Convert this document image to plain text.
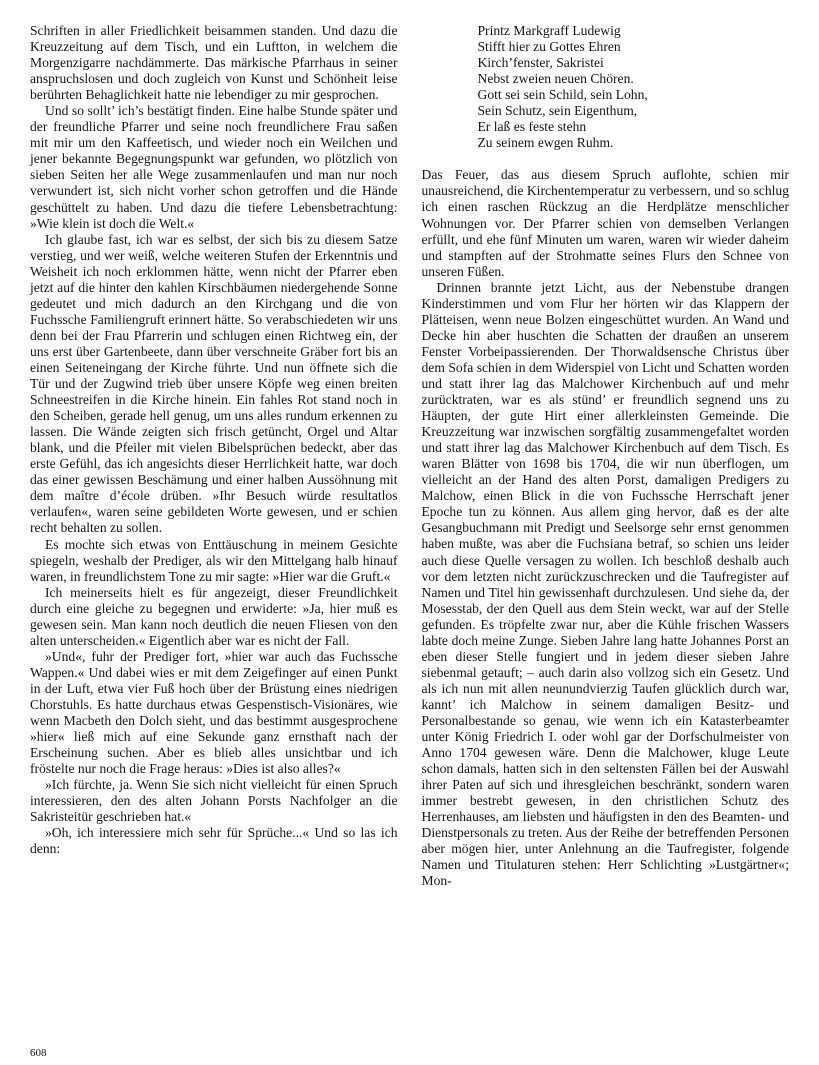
Schriften in aller Friedlichkeit beisammen standen. Und dazu die Kreuzzeitung auf dem Tisch, und ein Luftton, in welchem die Morgenzigarre nachdämmerte. Das märkische Pfarrhaus in seiner anspruchslosen und doch zugleich von Kunst und Schönheit leise berührten Behaglichkeit hatte nie lebendiger zu mir gesprochen.

Und so sollt’ ich’s bestätigt finden. Eine halbe Stunde später und der freundliche Pfarrer und seine noch freundlichere Frau saßen mit mir um den Kaffeetisch, und wieder noch ein Weilchen und jener bekannte Begegnungspunkt war gefunden, wo plötzlich von sieben Seiten her alle Wege zusammenlaufen und man nur noch verwundert ist, sich nicht vorher schon getroffen und die Hände geschüttelt zu haben. Und dazu die tiefere Lebensbetrachtung: »Wie klein ist doch die Welt.«

Ich glaube fast, ich war es selbst, der sich bis zu diesem Satze verstieg, und wer weiß, welche weiteren Stufen der Erkenntnis und Weisheit ich noch erklommen hätte, wenn nicht der Pfarrer eben jetzt auf die hinter den kahlen Kirschbäumen niedergehende Sonne gedeutet und mich dadurch an den Kirchgang und die von Fuchssche Familiengruft erinnert hätte. So verabschiedeten wir uns denn bei der Frau Pfarrerin und schlugen einen Richtweg ein, der uns erst über Gartenbeete, dann über verschneite Gräber fort bis an einen Seiteneingang der Kirche führte. Und nun öffnete sich die Tür und der Zugwind trieb über unsere Köpfe weg einen breiten Schneestreifen in die Kirche hinein. Ein fahles Rot stand noch in den Scheiben, gerade hell genug, um uns alles rundum erkennen zu lassen. Die Wände zeigten sich frisch getüncht, Orgel und Altar blank, und die Pfeiler mit vielen Bibelsprüchen bedeckt, aber das erste Gefühl, das ich angesichts dieser Herrlichkeit hatte, war doch das einer gewissen Beschämung und einer halben Aussöhnung mit dem maître d’école drüben. »Ihr Besuch würde resultatlos verlaufen«, waren seine gebildeten Worte gewesen, und er schien recht behalten zu sollen.

Es mochte sich etwas von Enttäuschung in meinem Gesichte spiegeln, weshalb der Prediger, als wir den Mittelgang halb hinauf waren, in freundlichstem Tone zu mir sagte: »Hier war die Gruft.«

Ich meinerseits hielt es für angezeigt, dieser Freundlichkeit durch eine gleiche zu begegnen und erwiderte: »Ja, hier muß es gewesen sein. Man kann noch deutlich die neuen Fliesen von den alten unterscheiden.« Eigentlich aber war es nicht der Fall.

»Und«, fuhr der Prediger fort, »hier war auch das Fuchssche Wappen.« Und dabei wies er mit dem Zeigefinger auf einen Punkt in der Luft, etwa vier Fuß hoch über der Brüstung eines niedrigen Chorstuhls. Es hatte durchaus etwas Gespenstisch-Visionäres, wie wenn Macbeth den Dolch sieht, und das bestimmt ausgesprochene »hier« ließ mich auf eine Sekunde ganz ernsthaft nach der Erscheinung suchen. Aber es blieb alles unsichtbar und ich fröstelte nur noch die Frage heraus: »Dies ist also alles?«

»Ich fürchte, ja. Wenn Sie sich nicht vielleicht für einen Spruch interessieren, den des alten Johann Porsts Nachfolger an die Sakristeitür geschrieben hat.«

»Oh, ich interessiere mich sehr für Sprüche...« Und so las ich denn:

Printz Markgraff Ludewig
Stifft hier zu Gottes Ehren
Kirch’fenster, Sakristei
Nebst zweien neuen Chören.
Gott sei sein Schild, sein Lohn,
Sein Schutz, sein Eigenthum,
Er laß es feste stehn
Zu seinem ewgen Ruhm.

Das Feuer, das aus diesem Spruch auflohte, schien mir unausreichend, die Kirchentemperatur zu verbessern, und so schlug ich einen raschen Rückzug an die Herdplätze menschlicher Wohnungen vor. Der Pfarrer schien von demselben Verlangen erfüllt, und ehe fünf Minuten um waren, waren wir wieder daheim und stampften auf der Strohmatte seines Flurs den Schnee von unseren Füßen.

Drinnen brannte jetzt Licht, aus der Nebenstube drangen Kinderstimmen und vom Flur her hörten wir das Klappern der Plätteisen, wenn neue Bolzen eingeschüttet wurden. An Wand und Decke hin aber huschten die Schatten der draußen an unserem Fenster Vorbeipassierenden. Der Thorwaldsensche Christus über dem Sofa schien in dem Widerspiel von Licht und Schatten worden und statt ihrer lag das Malchower Kirchenbuch auf und mehr zurücktraten, war es als stünd’ er freundlich segnend uns zu Häupten, der gute Hirt einer allerkleinsten Gemeinde. Die Kreuzzeitung war inzwischen sorgfältig zusammengefaltet worden und statt ihrer lag das Malchower Kirchenbuch auf dem Tisch. Es waren Blätter von 1698 bis 1704, die wir nun überflogen, um vielleicht an der Hand des alten Porst, damaligen Predigers zu Malchow, einen Blick in die von Fuchssche Herrschaft jener Epoche tun zu können. Aus allem ging hervor, daß es der alte Gesangbuchmann mit Predigt und Seelsorge sehr ernst genommen haben mußte, was aber die Fuchsiana betraf, so schien uns leider auch diese Quelle versagen zu wollen. Ich beschloß deshalb auch vor dem letzten nicht zurückzuschrecken und die Taufregister auf Namen und Titel hin gewissenhaft durchzulesen. Und siehe da, der Mosesstab, der den Quell aus dem Stein weckt, war auf der Stelle gefunden. Es tröpfelte zwar nur, aber die Kühle frischen Wassers labte doch meine Zunge. Sieben Jahre lang hatte Johannes Porst an eben dieser Stelle fungiert und in jedem dieser sieben Jahre siebenmal getauft; – auch darin also vollzog sich ein Gesetz. Und als ich nun mit allen neunundvierzig Taufen glücklich durch war, kannt’ ich Malchow in seinem damaligen Besitz- und Personalbestande so genau, wie wenn ich ein Katasterbeamter unter König Friedrich I. oder wohl gar der Dorfschulmeister von Anno 1704 gewesen wäre. Denn die Malchower, kluge Leute schon damals, hatten sich in den seltensten Fällen bei der Auswahl ihrer Paten auf sich und ihresgleichen beschränkt, sondern waren immer bestrebt gewesen, in den christlichen Schutz des Herrenhauses, am liebsten und häufigsten in den des Beamten- und Dienstpersonals zu treten. Aus der Reihe der betreffenden Personen aber mögen hier, unter Anlehnung an die Taufregister, folgende Namen und Titulaturen stehen: Herr Schlichting »Lustgärtner«; Mon-

608
